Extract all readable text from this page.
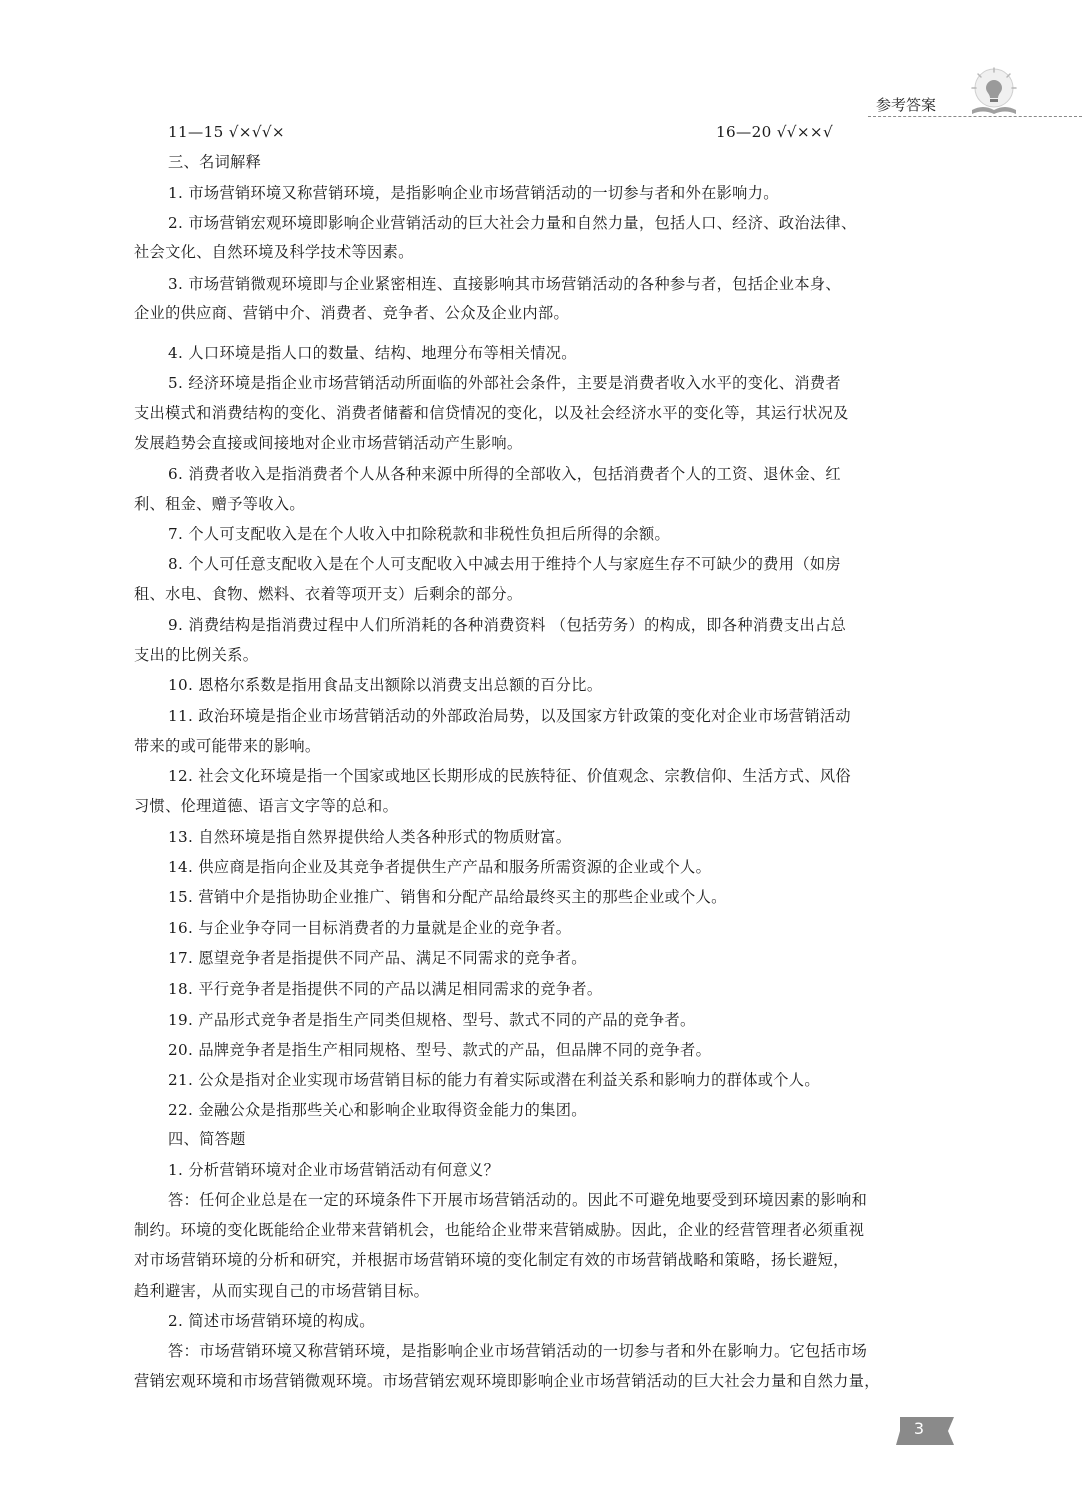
参考答案
11—15 √×√√×	16—20 √√××√
三、名词解释
1. 市场营销环境又称营销环境，是指影响企业市场营销活动的一切参与者和外在影响力。
2. 市场营销宏观环境即影响企业营销活动的巨大社会力量和自然力量，包括人口、经济、政治法律、
社会文化、自然环境及科学技术等因素。
3. 市场营销微观环境即与企业紧密相连、直接影响其市场营销活动的各种参与者，包括企业本身、
企业的供应商、营销中介、消费者、竞争者、公众及企业内部。
4. 人口环境是指人口的数量、结构、地理分布等相关情况。
5. 经济环境是指企业市场营销活动所面临的外部社会条件，主要是消费者收入水平的变化、消费者
支出模式和消费结构的变化、消费者储蓄和信贷情况的变化，以及社会经济水平的变化等，其运行状况及
发展趋势会直接或间接地对企业市场营销活动产生影响。
6. 消费者收入是指消费者个人从各种来源中所得的全部收入，包括消费者个人的工资、退休金、红
利、租金、赠予等收入。
7. 个人可支配收入是在个人收入中扣除税款和非税性负担后所得的余额。
8. 个人可任意支配收入是在个人可支配收入中减去用于维持个人与家庭生存不可缺少的费用（如房
租、水电、食物、燃料、衣着等项开支）后剩余的部分。
9. 消费结构是指消费过程中人们所消耗的各种消费资料 （包括劳务）的构成，即各种消费支出占总
支出的比例关系。
10. 恩格尔系数是指用食品支出额除以消费支出总额的百分比。
11. 政治环境是指企业市场营销活动的外部政治局势，以及国家方针政策的变化对企业市场营销活动
带来的或可能带来的影响。
12. 社会文化环境是指一个国家或地区长期形成的民族特征、价值观念、宗教信仰、生活方式、风俗
习惯、伦理道德、语言文字等的总和。
13. 自然环境是指自然界提供给人类各种形式的物质财富。
14. 供应商是指向企业及其竞争者提供生产产品和服务所需资源的企业或个人。
15. 营销中介是指协助企业推广、销售和分配产品给最终买主的那些企业或个人。
16. 与企业争夺同一目标消费者的力量就是企业的竞争者。
17. 愿望竞争者是指提供不同产品、满足不同需求的竞争者。
18. 平行竞争者是指提供不同的产品以满足相同需求的竞争者。
19. 产品形式竞争者是指生产同类但规格、型号、款式不同的产品的竞争者。
20. 品牌竞争者是指生产相同规格、型号、款式的产品，但品牌不同的竞争者。
21. 公众是指对企业实现市场营销目标的能力有着实际或潜在利益关系和影响力的群体或个人。
22. 金融公众是指那些关心和影响企业取得资金能力的集团。
四、简答题
1. 分析营销环境对企业市场营销活动有何意义？
答：任何企业总是在一定的环境条件下开展市场营销活动的。因此不可避免地要受到环境因素的影响和
制约。环境的变化既能给企业带来营销机会，也能给企业带来营销威胁。因此，企业的经营管理者必须重视
对市场营销环境的分析和研究，并根据市场营销环境的变化制定有效的市场营销战略和策略，扬长避短，
趋利避害，从而实现自己的市场营销目标。
2. 简述市场营销环境的构成。
答：市场营销环境又称营销环境，是指影响企业市场营销活动的一切参与者和外在影响力。它包括市场
营销宏观环境和市场营销微观环境。市场营销宏观环境即影响企业市场营销活动的巨大社会力量和自然力量，
3
